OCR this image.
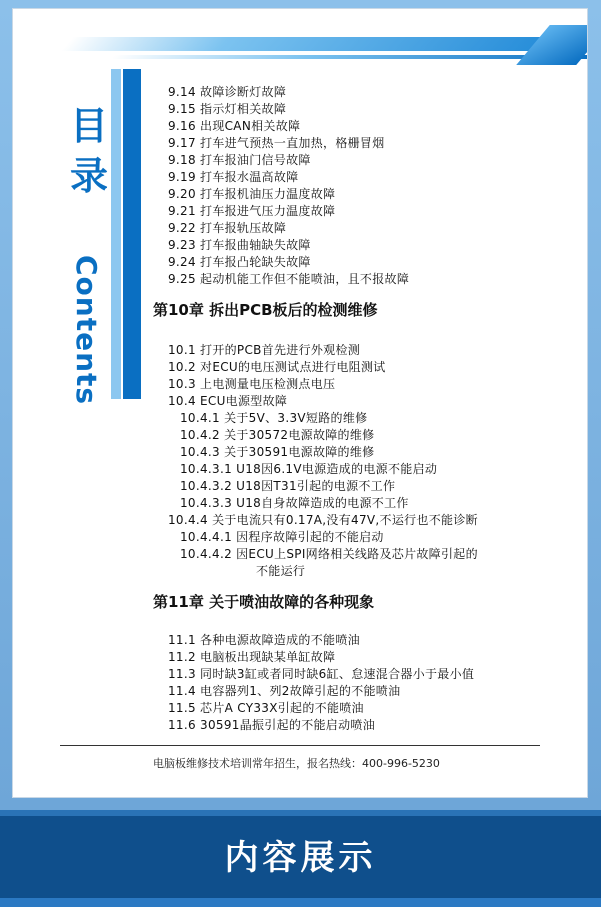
目
录
Contents
9.14 故障诊断灯故障
9.15 指示灯相关故障
9.16 出现CAN相关故障
9.17 打车进气预热一直加热，格栅冒烟
9.18 打车报油门信号故障
9.19 打车报水温高故障
9.20 打车报机油压力温度故障
9.21 打车报进气压力温度故障
9.22 打车报轨压故障
9.23 打车报曲轴缺失故障
9.24 打车报凸轮缺失故障
9.25 起动机能工作但不能喷油，且不报故障
第10章 拆出PCB板后的检测维修
10.1 打开的PCB首先进行外观检测
10.2 对ECU的电压测试点进行电阻测试
10.3 上电测量电压检测点电压
10.4 ECU电源型故障
10.4.1 关于5V、3.3V短路的维修
10.4.2 关于30572电源故障的维修
10.4.3 关于30591电源故障的维修
10.4.3.1 U18因6.1V电源造成的电源不能启动
10.4.3.2 U18因T31引起的电源不工作
10.4.3.3 U18自身故障造成的电源不工作
10.4.4 关于电流只有0.17A,没有47V,不运行也不能诊断
10.4.4.1 因程序故障引起的不能启动
10.4.4.2 因ECU上SPI网络相关线路及芯片故障引起的
不能运行
第11章 关于喷油故障的各种现象
11.1 各种电源故障造成的不能喷油
11.2 电脑板出现缺某单缸故障
11.3 同时缺3缸或者同时缺6缸、怠速混合器小于最小值
11.4 电容器列1、列2故障引起的不能喷油
11.5 芯片A CY33X引起的不能喷油
11.6 30591晶振引起的不能启动喷油
电脑板维修技术培训常年招生，报名热线：400-996-5230
内容展示
